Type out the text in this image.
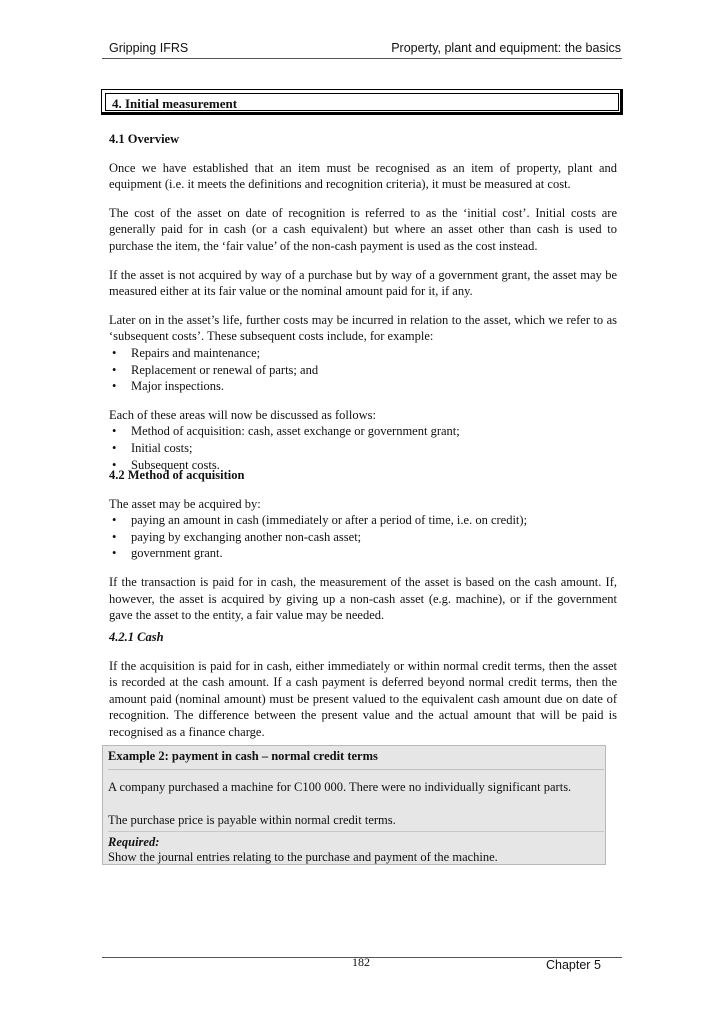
Gripping IFRS	Property, plant and equipment: the basics
4. Initial measurement

4.1 Overview

Once we have established that an item must be recognised as an item of property, plant and equipment (i.e. it meets the definitions and recognition criteria), it must be measured at cost.

The cost of the asset on date of recognition is referred to as the ‘initial cost’. Initial costs are generally paid for in cash (or a cash equivalent) but where an asset other than cash is used to purchase the item, the ‘fair value’ of the non-cash payment is used as the cost instead.

If the asset is not acquired by way of a purchase but by way of a government grant, the asset may be measured either at its fair value or the nominal amount paid for it, if any.

Later on in the asset’s life, further costs may be incurred in relation to the asset, which we refer to as ‘subsequent costs’. These subsequent costs include, for example:

• Repairs and maintenance;
• Replacement or renewal of parts; and
• Major inspections.

Each of these areas will now be discussed as follows:

• Method of acquisition: cash, asset exchange or government grant;
• Initial costs;
• Subsequent costs.

4.2 Method of acquisition

The asset may be acquired by:

• paying an amount in cash (immediately or after a period of time, i.e. on credit);
• paying by exchanging another non-cash asset;
• government grant.

If the transaction is paid for in cash, the measurement of the asset is based on the cash amount. If, however, the asset is acquired by giving up a non-cash asset (e.g. machine), or if the government gave the asset to the entity, a fair value may be needed.

4.2.1 Cash

If the acquisition is paid for in cash, either immediately or within normal credit terms, then the asset is recorded at the cash amount. If a cash payment is deferred beyond normal credit terms, then the amount paid (nominal amount) must be present valued to the equivalent cash amount due on date of recognition. The difference between the present value and the actual amount that will be paid is recognised as a finance charge.

Example 2: payment in cash – normal credit terms
A company purchased a machine for C100 000. There were no individually significant parts.
The purchase price is payable within normal credit terms.
Required:
Show the journal entries relating to the purchase and payment of the machine.
182	Chapter 5
